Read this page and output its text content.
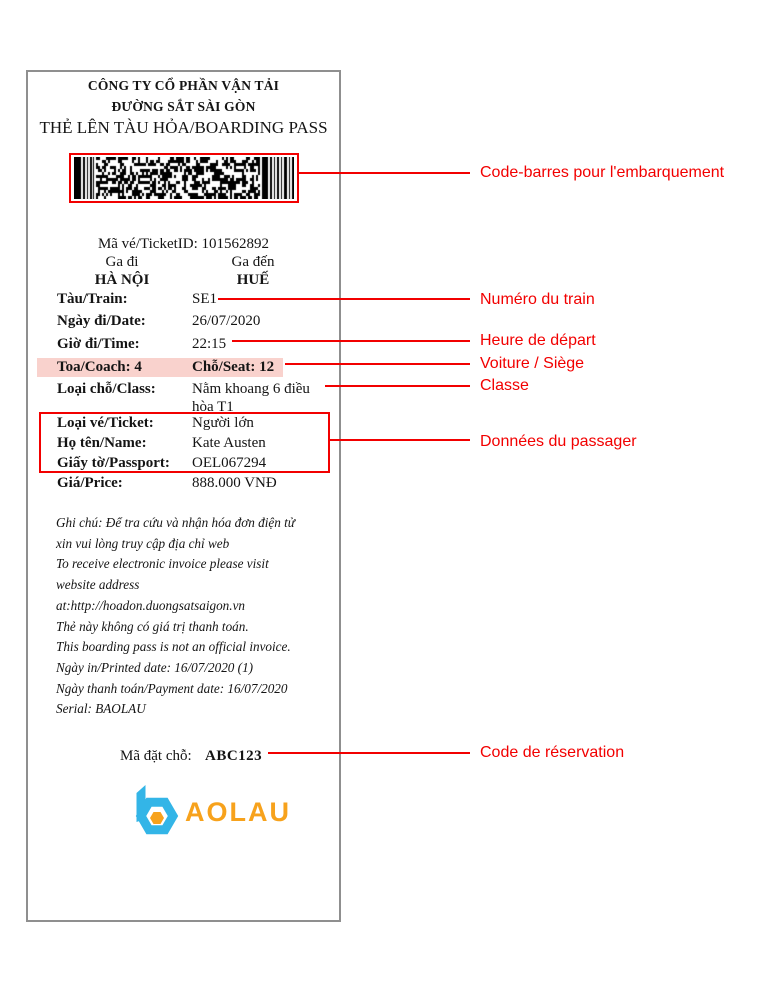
CÔNG TY CỔ PHẦN VẬN TẢI
ĐƯỜNG SẮT SÀI GÒN
THẺ LÊN TÀU HỎA/BOARDING PASS
Mã vé/TicketID: 101562892
Ga đi	Ga đến
HÀ NỘI	HUẾ
Tàu/Train:	SE1
Ngày đi/Date:	26/07/2020
Giờ đi/Time:	22:15
Toa/Coach: 4	Chỗ/Seat: 12
Loại chỗ/Class: Nằm khoang 6 điều
hòa T1
Loại vé/Ticket:	Người lớn
Họ tên/Name:	Kate Austen
Giấy tờ/Passport: OEL067294
Giá/Price:	888.000 VNĐ
Ghi chú: Để tra cứu và nhận hóa đơn điện tử
xin vui lòng truy cập địa chỉ web
To receive electronic invoice please visit
website address
at:http://hoadon.duongsatsaigon.vn
Thẻ này không có giá trị thanh toán.
This boarding pass is not an official invoice.
Ngày in/Printed date: 16/07/2020 (1)
Ngày thanh toán/Payment date: 16/07/2020
Serial: BAOLAU
Mã đặt chỗ: ABC123
AOLAU
Code-barres pour l'embarquement
Numéro du train
Heure de départ
Voiture / Siège
Classe
Données du passager
Code de réservation
